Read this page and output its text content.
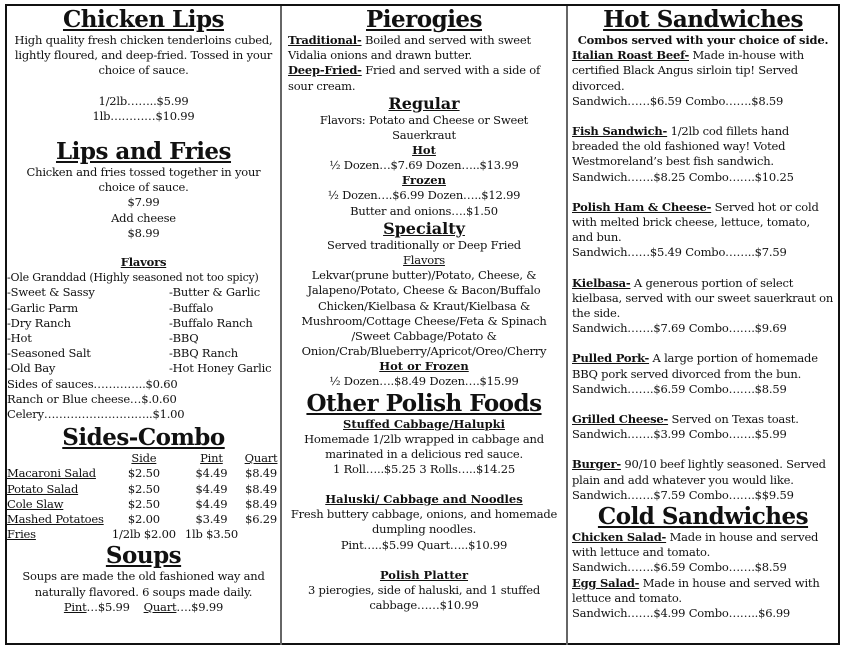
Chicken Lips
High quality fresh chicken tenderloins cubed, lightly floured, and deep-fried. Tossed in your choice of sauce.
1/2lb……..$5.99
1lb…………$10.99
Lips and Fries
Chicken and fries tossed together in your choice of sauce.
$7.99
Add cheese
$8.99
Flavors
-Ole Granddad (Highly seasoned not too spicy)
-Sweet & Sassy	-Butter & Garlic
-Garlic Parm	-Buffalo
-Dry Ranch	-Buffalo Ranch
-Hot	-BBQ
-Seasoned Salt	-BBQ Ranch
-Old Bay	-Hot Honey Garlic
Sides of sauces…………..$0.60
Ranch or Blue cheese…$.0.60
Celery………………………..$1.00
Sides-Combo
	Side	Pint	Quart
Macaroni Salad	$2.50	$4.49	$8.49
Potato Salad	$2.50	$4.49	$8.49
Cole Slaw	$2.50	$4.49	$8.49
Mashed Potatoes	$2.00	$3.49	$6.29
Fries	1/2lb $2.00	1lb $3.50	
Soups
Soups are made the old fashioned way and naturally flavored. 6 soups made daily.
Pint…$5.99 Quart….$9.99
Pierogies
Traditional- Boiled and served with sweet Vidalia onions and drawn butter.
Deep-Fried- Fried and served with a side of sour cream.
Regular
Flavors: Potato and Cheese or Sweet Sauerkraut
Hot
½ Dozen…$7.69 Dozen…..$13.99
Frozen
½ Dozen….$6.99 Dozen…..$12.99
Butter and onions….$1.50
Specialty
Served traditionally or Deep Fried
Flavors
Lekvar(prune butter)/Potato, Cheese, & Jalapeno/Potato, Cheese & Bacon/Buffalo Chicken/Kielbasa & Kraut/Kielbasa & Mushroom/Cottage Cheese/Feta & Spinach /Sweet Cabbage/Potato & Onion/Crab/Blueberry/Apricot/Oreo/Cherry
Hot or Frozen
½ Dozen….$8.49 Dozen….$15.99
Other Polish Foods
Stuffed Cabbage/Halupki
Homemade 1/2lb wrapped in cabbage and marinated in a delicious red sauce.
1 Roll…..$5.25 3 Rolls…..$14.25
Haluski/ Cabbage and Noodles
Fresh buttery cabbage, onions, and homemade dumpling noodles.
Pint…..$5.99 Quart…..$10.99
Polish Platter
3 pierogies, side of haluski, and 1 stuffed cabbage……$10.99
Hot Sandwiches
Combos served with your choice of side.
Italian Roast Beef- Made in-house with certified Black Angus sirloin tip! Served divorced.
Sandwich……$6.59 Combo…….$8.59
Fish Sandwich- 1/2lb cod fillets hand breaded the old fashioned way! Voted Westmoreland’s best fish sandwich.
Sandwich…….$8.25 Combo…….$10.25
Polish Ham & Cheese- Served hot or cold with melted brick cheese, lettuce, tomato, and bun.
Sandwich……$5.49 Combo……..$7.59
Kielbasa- A generous portion of select kielbasa, served with our sweet sauerkraut on the side.
Sandwich…….$7.69 Combo…….$9.69
Pulled Pork- A large portion of homemade BBQ pork served divorced from the bun.
Sandwich…….$6.59 Combo…….$8.59
Grilled Cheese- Served on Texas toast.
Sandwich…….$3.99 Combo…….$5.99
Burger- 90/10 beef lightly seasoned. Served plain and add whatever you would like.
Sandwich…….$7.59 Combo…….$$9.59
Cold Sandwiches
Chicken Salad- Made in house and served with lettuce and tomato.
Sandwich…….$6.59 Combo…….$8.59
Egg Salad- Made in house and served with lettuce and tomato.
Sandwich…….$4.99 Combo……..$6.99
